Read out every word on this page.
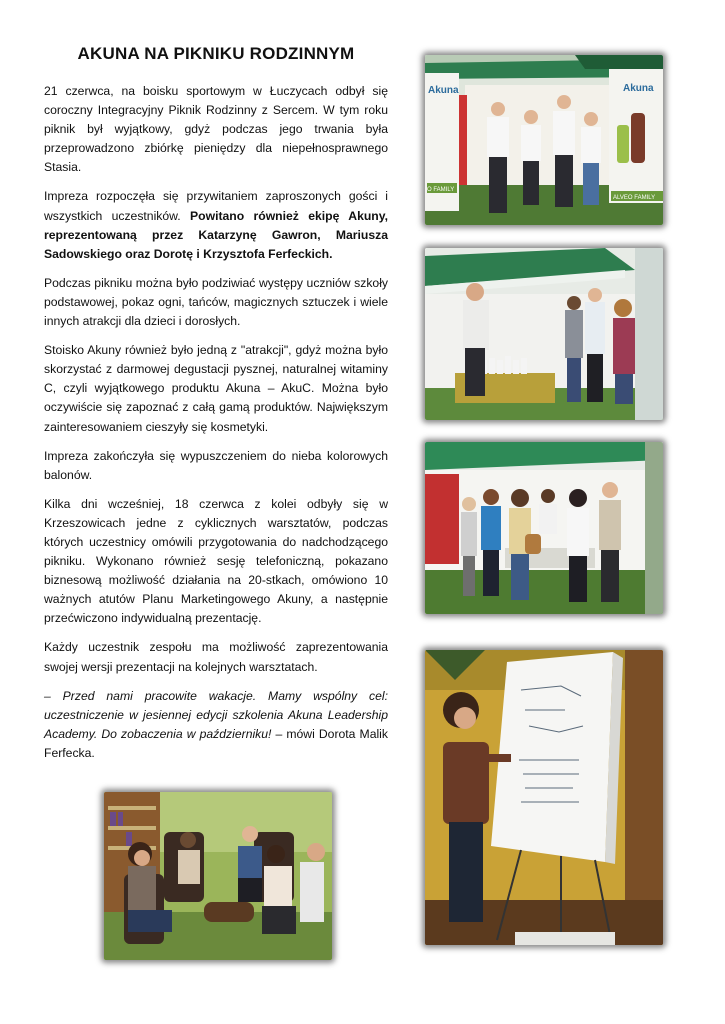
AKUNA NA PIKNIKU RODZINNYM

21 czerwca, na boisku sportowym w Łuczycach odbył się coroczny Integracyjny Piknik Rodzinny z Sercem. W tym roku piknik był wyjątkowy, gdyż podczas jego trwania była przeprowadzono zbiórkę pieniędzy dla niepełnosprawnego Stasia.

Impreza rozpoczęła się przywitaniem zaproszonych gości i wszystkich uczestników. Powitano również ekipę Akuny, reprezentowaną przez Katarzynę Gawron, Mariusza Sadowskiego oraz Dorotę i Krzysztofa Ferfeckich.

Podczas pikniku można było podziwiać występy uczniów szkoły podstawowej, pokaz ogni, tańców, magicznych sztuczek i wiele innych atrakcji dla dzieci i dorosłych.

Stoisko Akuny również było jedną z "atrakcji", gdyż można było skorzystać z darmowej degustacji pysznej, naturalnej witaminy C, czyli wyjątkowego produktu Akuna – AkuC. Można było oczywiście się zapoznać z całą gamą produktów. Największym zainteresowaniem cieszyły się kosmetyki.

Impreza zakończyła się wypuszczeniem do nieba kolorowych balonów.

Kilka dni wcześniej, 18 czerwca z kolei odbyły się w Krzeszowicach jedne z cyklicznych warsztatów, podczas których uczestnicy omówili przygotowania do nadchodzącego pikniku. Wykonano również sesję telefoniczną, pokazano biznesową możliwość działania na 20-stkach, omówiono 10 ważnych atutów Planu Marketingowego Akuny, a następnie przećwiczono indywidualną prezentację.

Każdy uczestnik zespołu ma możliwość zaprezentowania swojej wersji prezentacji na kolejnych warsztatach.

– Przed nami pracowite wakacje. Mamy wspólny cel: uczestniczenie w jesiennej edycji szkolenia Akuna Leadership Academy. Do zobaczenia w październiku! – mówi Dorota Malik Ferfecka.

Akuna
O FAMILY
Akuna
ALVEO FAMILY
